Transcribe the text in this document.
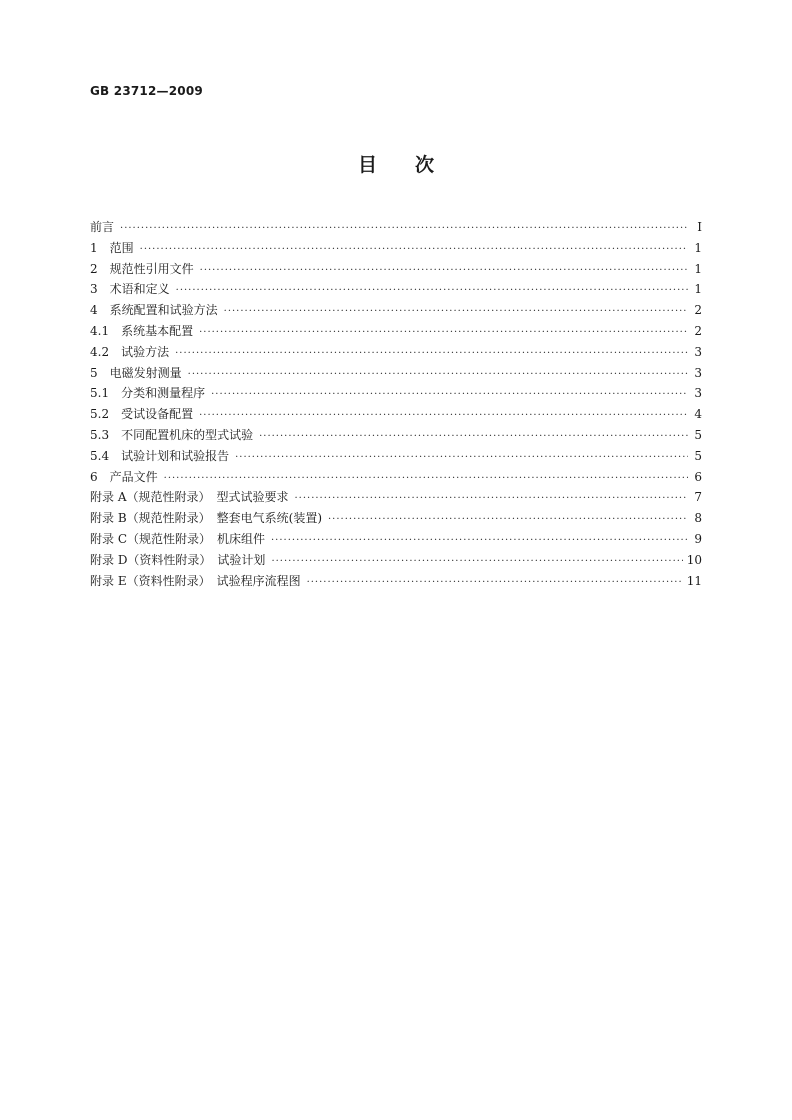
GB 23712—2009
目 次
前言 ·····	Ⅰ
1　范围 ·····	1
2　规范性引用文件 ·····	1
3　术语和定义 ·····	1
4　系统配置和试验方法 ·····	2
4.1　系统基本配置 ·····	2
4.2　试验方法 ·····	3
5　电磁发射测量 ·····	3
5.1　分类和测量程序 ·····	3
5.2　受试设备配置 ·····	4
5.3　不同配置机床的型式试验 ·····	5
5.4　试验计划和试验报告 ·····	5
6　产品文件 ·····	6
附录 A（规范性附录）　型式试验要求 ·····	7
附录 B（规范性附录）　整套电气系统(装置) ·····	8
附录 C（规范性附录）　机床组件 ·····	9
附录 D（资料性附录）　试验计划 ·····	10
附录 E（资料性附录）　试验程序流程图 ·····	11
